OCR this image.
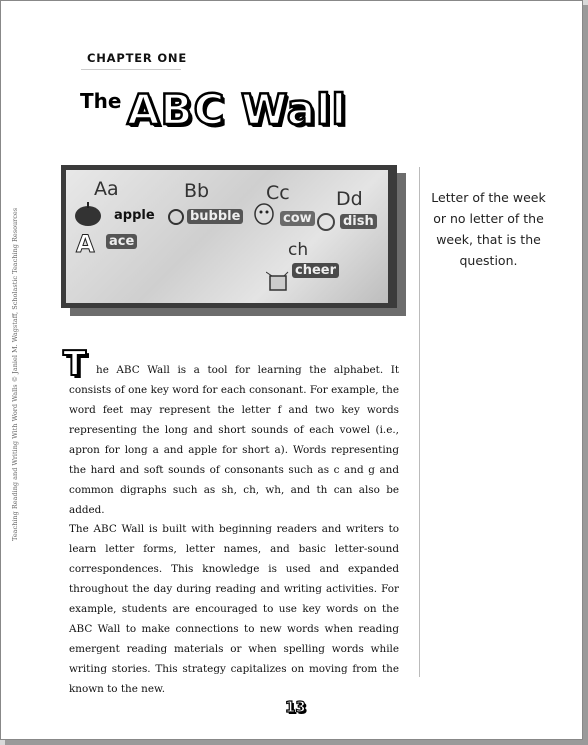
CHAPTER ONE
The ABC Wall
Aa	Bb	Cc Dd
apple	bubble	cow dish
A ace	ch
cheer
Letter of the week or no letter of the week, that is the question.
Teaching Reading and Writing With Word Walls © Janiel M. Wagstaff, Scholastic Teaching Resources T he ABC Wall is a tool for learning the alphabet. It consists of one key word for each consonant. For example, the word feet may represent the letter f and two key words representing the long and short sounds of each vowel (i.e., apron for long a and apple for short a). Words representing the hard and soft sounds of consonants such as c and g and common digraphs such as sh, ch, wh, and th can also be added.
The ABC Wall is built with beginning readers and writers to learn letter forms, letter names, and basic letter-sound correspondences. This knowledge is used and expanded throughout the day during reading and writing activities. For example, students are encouraged to use key words on the ABC Wall to make connections to new words when reading emergent reading materials or when spelling words while writing stories. This strategy capitalizes on moving from the known to the new.
13
